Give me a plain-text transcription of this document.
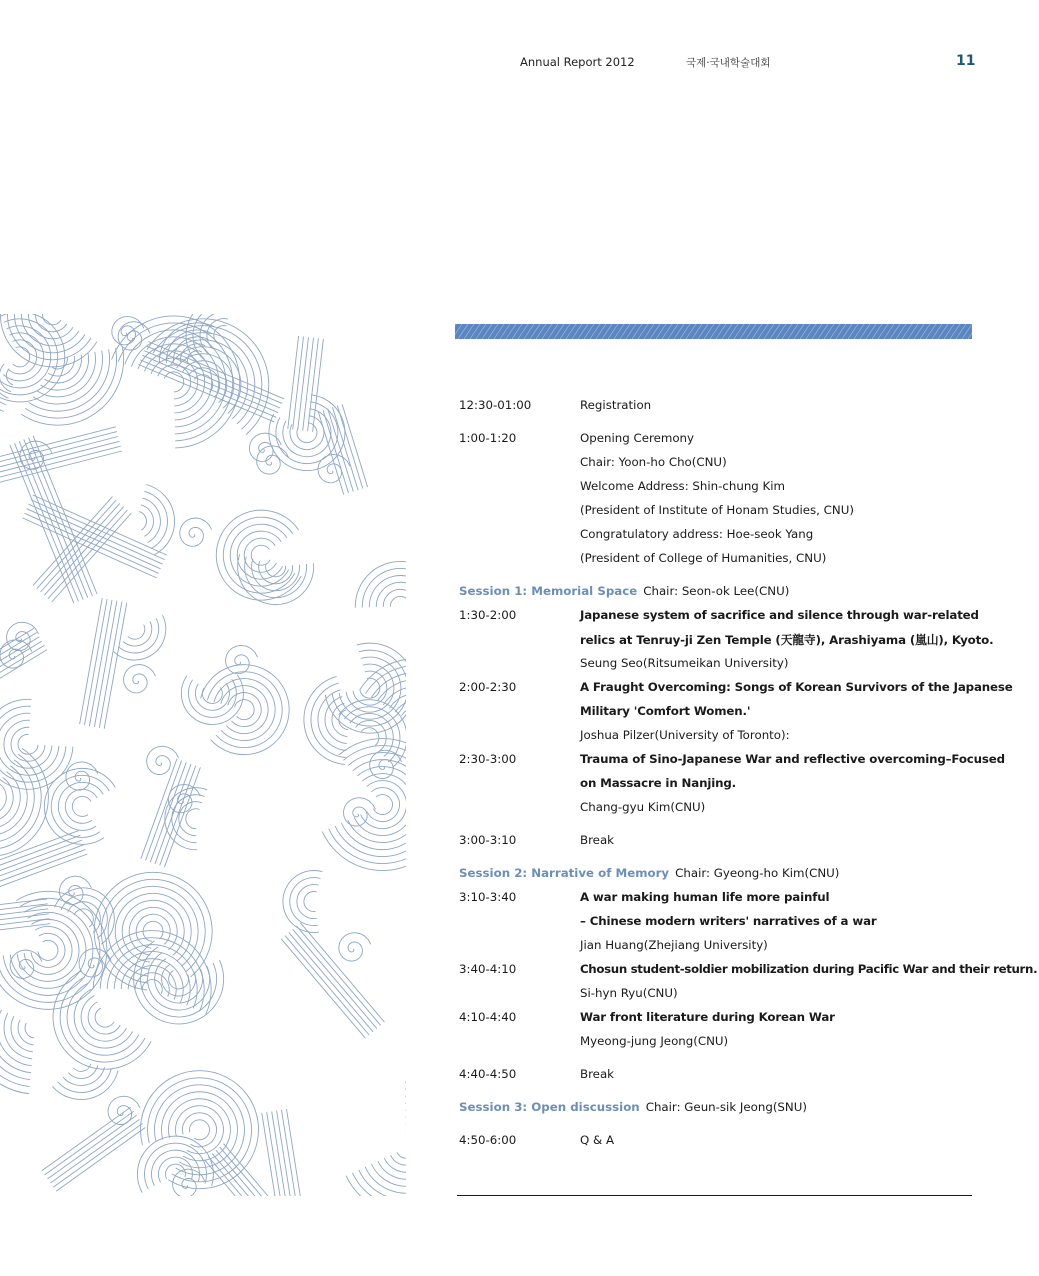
Annual Report 2012	국제·국내학술대회	11
12:30-01:00	Registration
1:00-1:20	Opening Ceremony
Chair: Yoon-ho Cho(CNU)
Welcome Address: Shin-chung Kim
(President of Institute of Honam Studies, CNU)
Congratulatory address: Hoe-seok Yang
(President of College of Humanities, CNU)
Session 1: Memorial Space Chair: Seon-ok Lee(CNU)
1:30-2:00	Japanese system of sacrifice and silence through war-related
relics at Tenruy-ji Zen Temple (天龍寺), Arashiyama (嵐山), Kyoto.
Seung Seo(Ritsumeikan University)
2:00-2:30	A Fraught Overcoming: Songs of Korean Survivors of the Japanese
Military 'Comfort Women.'
Joshua Pilzer(University of Toronto):
2:30-3:00	Trauma of Sino-Japanese War and reflective overcoming–Focused
on Massacre in Nanjing.
Chang-gyu Kim(CNU)
3:00-3:10	Break
Session 2: Narrative of Memory Chair: Gyeong-ho Kim(CNU)
3:10-3:40	A war making human life more painful
– Chinese modern writers' narratives of a war
Jian Huang(Zhejiang University)
3:40-4:10	Chosun student-soldier mobilization during Pacific War and their return.
Si-hyn Ryu(CNU)
4:10-4:40	War front literature during Korean War
Myeong-jung Jeong(CNU)
4:40-4:50	Break
Session 3: Open discussion Chair: Geun-sik Jeong(SNU)
4:50-6:00	Q & A
